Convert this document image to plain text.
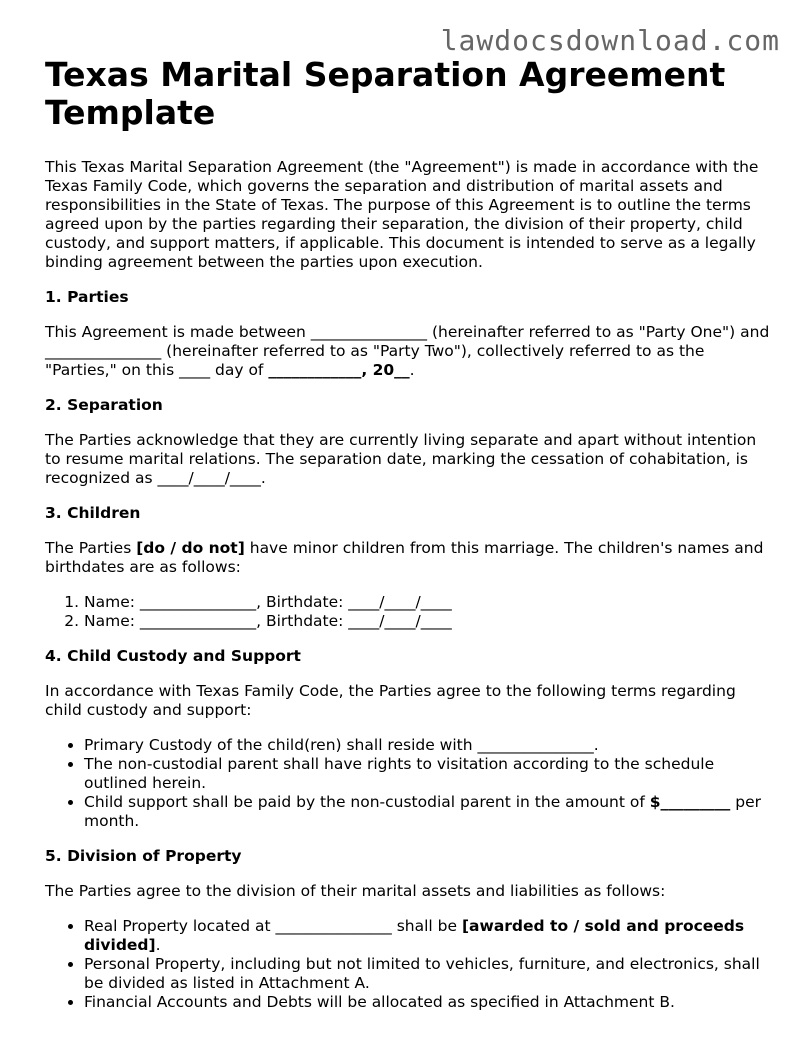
lawdocsdownload.com
Texas Marital Separation Agreement Template

This Texas Marital Separation Agreement (the "Agreement") is made in accordance with the Texas Family Code, which governs the separation and distribution of marital assets and responsibilities in the State of Texas. The purpose of this Agreement is to outline the terms agreed upon by the parties regarding their separation, the division of their property, child custody, and support matters, if applicable. This document is intended to serve as a legally binding agreement between the parties upon execution.

1. Parties

This Agreement is made between _______________ (hereinafter referred to as "Party One") and _______________ (hereinafter referred to as "Party Two"), collectively referred to as the "Parties," on this ____ day of ____________, 20__.

2. Separation

The Parties acknowledge that they are currently living separate and apart without intention to resume marital relations. The separation date, marking the cessation of cohabitation, is recognized as ____/____/____.

3. Children

The Parties [do / do not] have minor children from this marriage. The children's names and birthdates are as follows:

1. Name: _______________, Birthdate: ____/____/____
2. Name: _______________, Birthdate: ____/____/____
4. Child Custody and Support

In accordance with Texas Family Code, the Parties agree to the following terms regarding child custody and support:

• Primary Custody of the child(ren) shall reside with _______________.
• The non-custodial parent shall have rights to visitation according to the schedule outlined herein.
• Child support shall be paid by the non-custodial parent in the amount of $_________ per month.
5. Division of Property

The Parties agree to the division of their marital assets and liabilities as follows:

• Real Property located at _______________ shall be [awarded to / sold and proceeds divided].
• Personal Property, including but not limited to vehicles, furniture, and electronics, shall be divided as listed in Attachment A.
• Financial Accounts and Debts will be allocated as specified in Attachment B.
